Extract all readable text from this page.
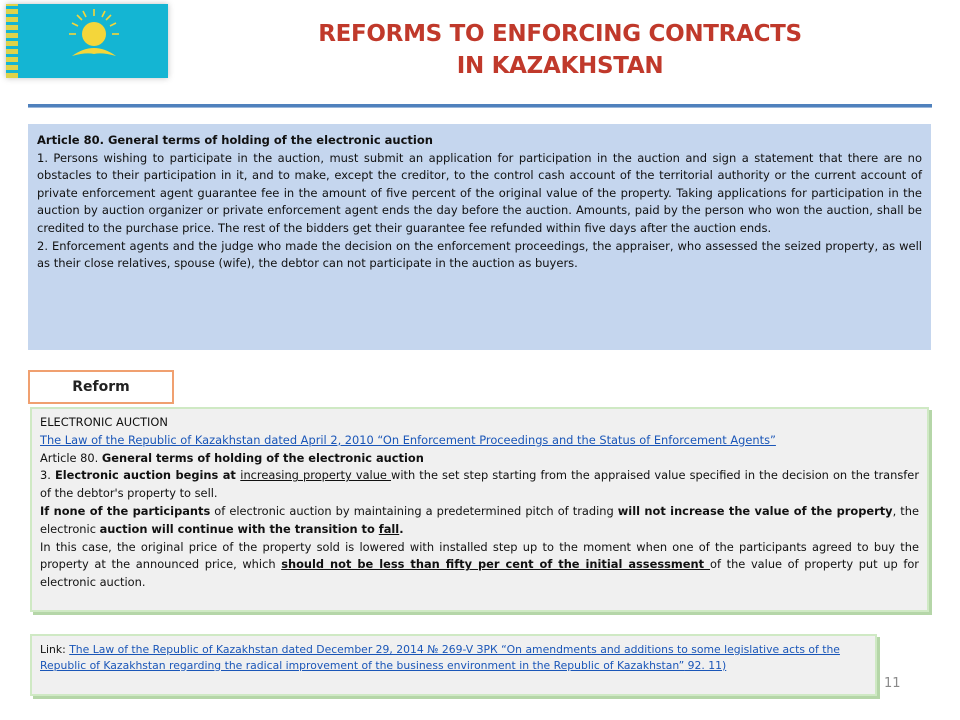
REFORMS TO ENFORCING CONTRACTS
IN KAZAKHSTAN

Article 80. General terms of holding of the electronic auction

1. Persons wishing to participate in the auction, must submit an application for participation in the auction and sign a statement that there are no obstacles to their participation in it, and to make, except the creditor, to the control cash account of the territorial authority or the current account of private enforcement agent guarantee fee in the amount of five percent of the original value of the property. Taking applications for participation in the auction by auction organizer or private enforcement agent ends the day before the auction. Amounts, paid by the person who won the auction, shall be credited to the purchase price. The rest of the bidders get their guarantee fee refunded within five days after the auction ends.

2. Enforcement agents and the judge who made the decision on the enforcement proceedings, the appraiser, who assessed the seized property, as well as their close relatives, spouse (wife), the debtor can not participate in the auction as buyers.

Reform

ELECTRONIC AUCTION

The Law of the Republic of Kazakhstan dated April 2, 2010 “On Enforcement Proceedings and the Status of Enforcement Agents”

Article 80. General terms of holding of the electronic auction

3. Electronic auction begins at increasing property value with the set step starting from the appraised value specified in the decision on the transfer of the debtor's property to sell.

If none of the participants of electronic auction by maintaining a predetermined pitch of trading will not increase the value of the property, the electronic auction will continue with the transition to fall.

In this case, the original price of the property sold is lowered with installed step up to the moment when one of the participants agreed to buy the property at the announced price, which should not be less than fifty per cent of the initial assessment of the value of property put up for electronic auction.

Link: The Law of the Republic of Kazakhstan dated December 29, 2014 № 269-V ЗРК “On amendments and additions to some legislative acts of the Republic of Kazakhstan regarding the radical improvement of the business environment in the Republic of Kazakhstan” 92. 11)
11
